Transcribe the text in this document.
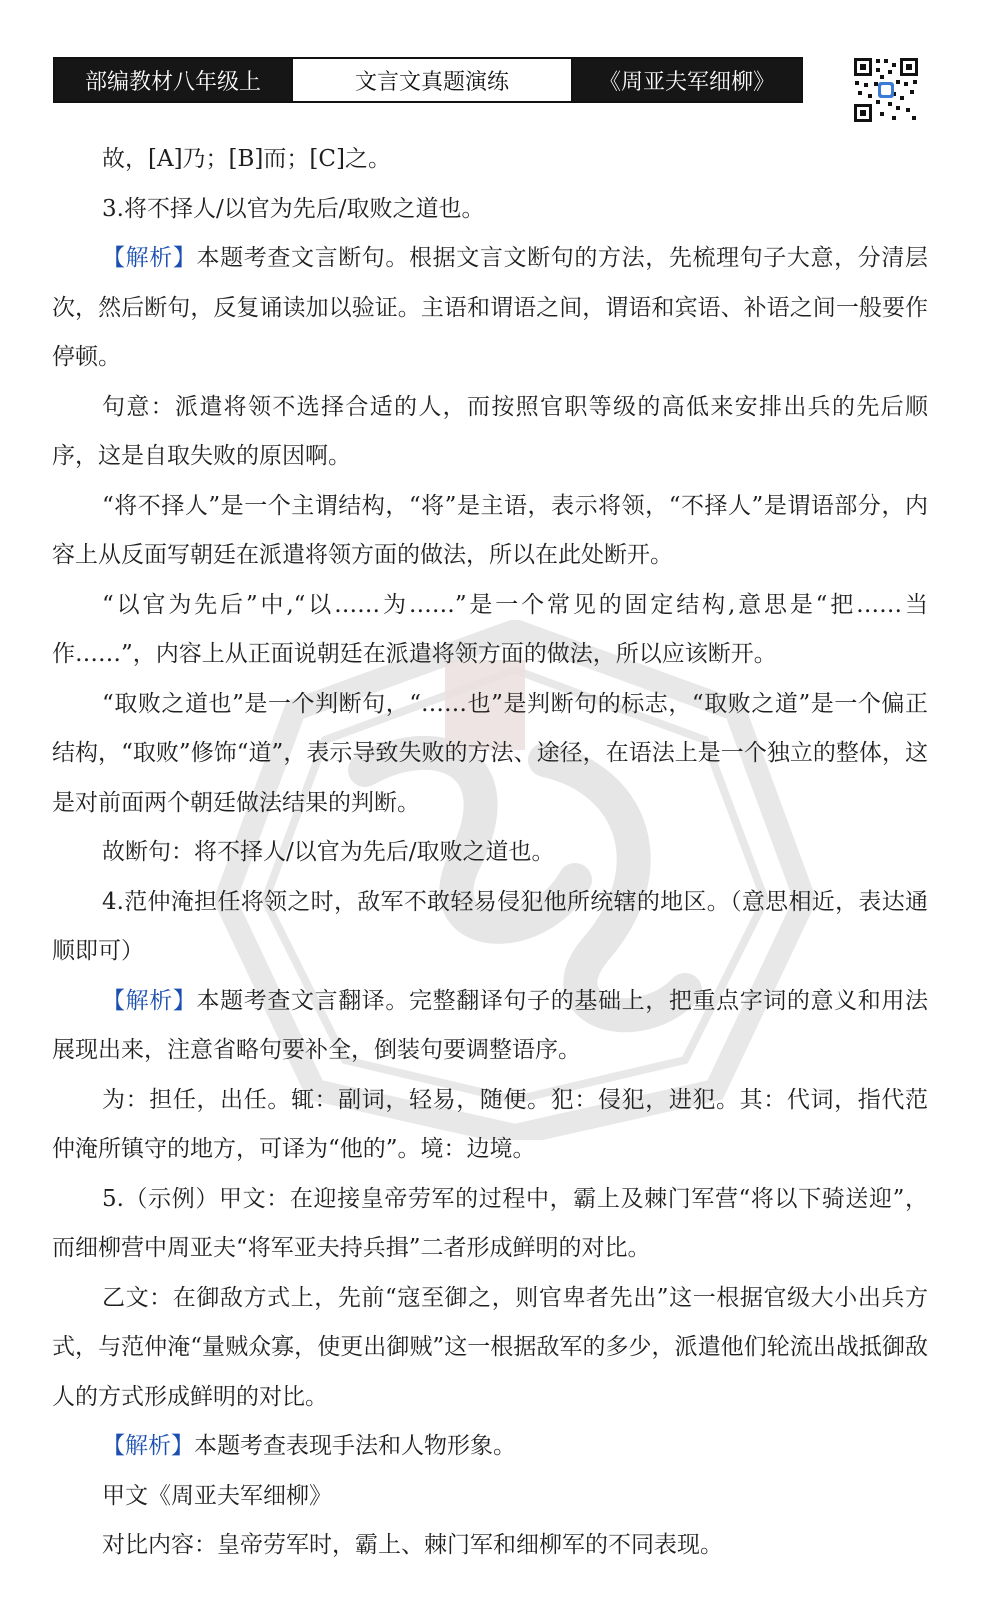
部编教材八年级上	文言文真题演练	《周亚夫军细柳》

故，[A]乃；[B]而；[C]之。

3.将不择人/以官为先后/取败之道也。

【解析】本题考查文言断句。根据文言文断句的方法，先梳理句子大意，分清层次，然后断句，反复诵读加以验证。主语和谓语之间，谓语和宾语、补语之间一般要作停顿。

句意：派遣将领不选择合适的人，而按照官职等级的高低来安排出兵的先后顺序，这是自取失败的原因啊。

“将不择人”是一个主谓结构，“将”是主语，表示将领，“不择人”是谓语部分，内容上从反面写朝廷在派遣将领方面的做法，所以在此处断开。

“以官为先后”中,“以……为……”是一个常见的固定结构,意思是“把……当作……”，内容上从正面说朝廷在派遣将领方面的做法，所以应该断开。

“取败之道也”是一个判断句，“……也”是判断句的标志，“取败之道”是一个偏正结构，“取败”修饰“道”，表示导致失败的方法、途径，在语法上是一个独立的整体，这是对前面两个朝廷做法结果的判断。

故断句：将不择人/以官为先后/取败之道也。

4.范仲淹担任将领之时，敌军不敢轻易侵犯他所统辖的地区。（意思相近，表达通顺即可）

【解析】本题考查文言翻译。完整翻译句子的基础上，把重点字词的意义和用法展现出来，注意省略句要补全，倒装句要调整语序。

为：担任，出任。辄：副词，轻易，随便。犯：侵犯，进犯。其：代词，指代范仲淹所镇守的地方，可译为“他的”。境：边境。

5.（示例）甲文：在迎接皇帝劳军的过程中，霸上及棘门军营“将以下骑送迎”，而细柳营中周亚夫“将军亚夫持兵揖”二者形成鲜明的对比。

乙文：在御敌方式上，先前“寇至御之，则官卑者先出”这一根据官级大小出兵方式，与范仲淹“量贼众寡，使更出御贼”这一根据敌军的多少，派遣他们轮流出战抵御敌人的方式形成鲜明的对比。

【解析】本题考查表现手法和人物形象。

甲文《周亚夫军细柳》

对比内容：皇帝劳军时，霸上、棘门军和细柳军的不同表现。
